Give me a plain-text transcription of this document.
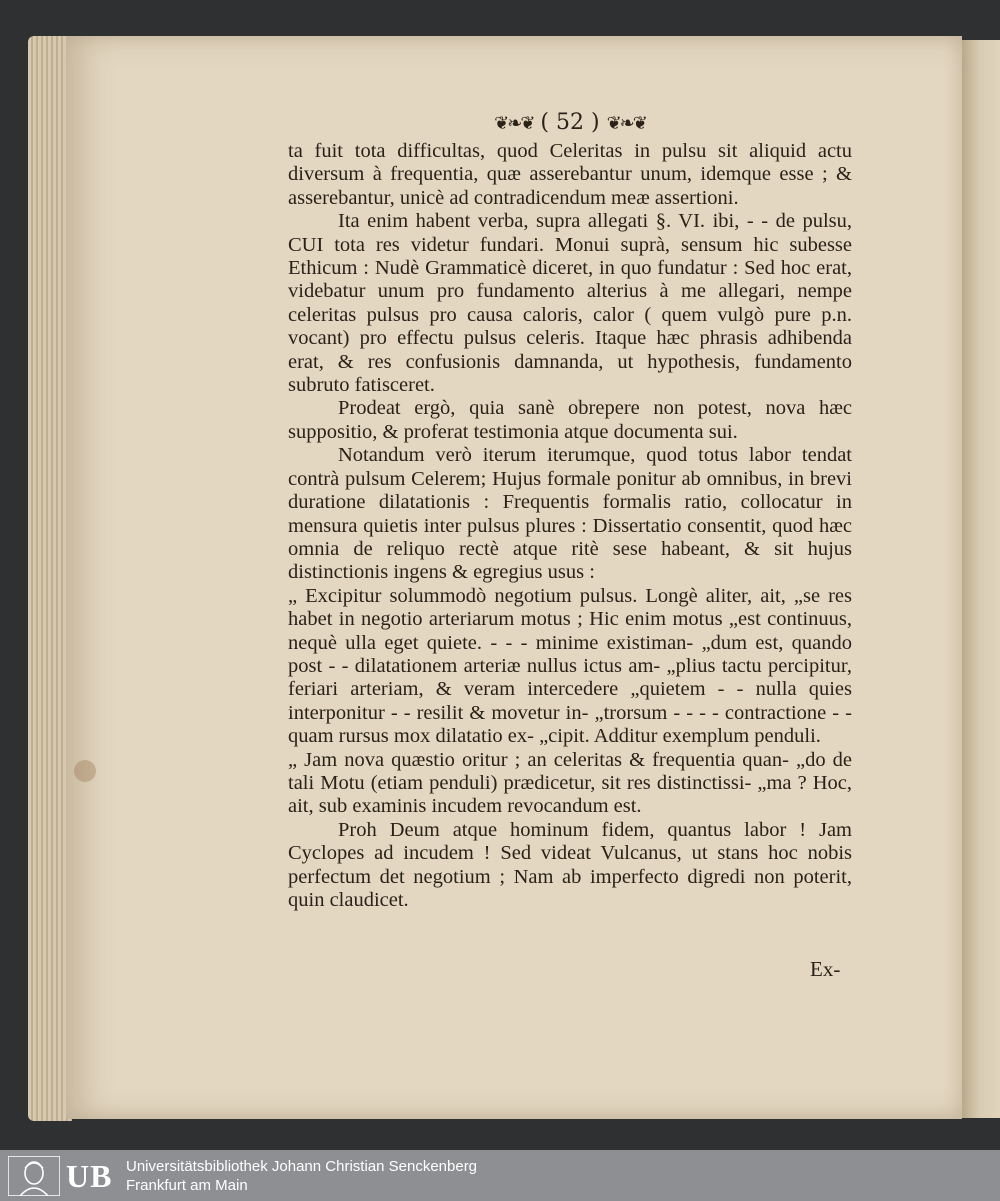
❦❧❦ ( 52 ) ❦❧❦

ta fuit tota difficultas, quod Celeritas in pulsu sit aliquid actu diversum à frequentia, quæ asserebantur unum, idemque esse ; & asserebantur, unicè ad contradicendum meæ assertioni.

Ita enim habent verba, supra allegati §. VI. ibi, - - de pulsu, CUI tota res videtur fundari. Monui suprà, sensum hic subesse Ethicum : Nudè Grammaticè diceret, in quo fundatur : Sed hoc erat, videbatur unum pro fundamento alterius à me allegari, nempe celeritas pulsus pro causa caloris, calor ( quem vulgò pure p.n. vocant) pro effectu pulsus celeris. Itaque hæc phrasis adhibenda erat, & res confusionis damnanda, ut hypothesis, fundamento subruto fatisceret.

Prodeat ergò, quia sanè obrepere non potest, nova hæc suppositio, & proferat testimonia atque documenta sui.

Notandum verò iterum iterumque, quod totus labor tendat contrà pulsum Celerem; Hujus formale ponitur ab omnibus, in brevi duratione dilatationis : Frequentis formalis ratio, collocatur in mensura quietis inter pulsus plures : Dissertatio consentit, quod hæc omnia de reliquo rectè atque ritè sese habeant, & sit hujus distinctionis ingens & egregius usus :

„ Excipitur solummodò negotium pulsus. Longè aliter, ait, „se res habet in negotio arteriarum motus ; Hic enim motus „est continuus, nequè ulla eget quiete. - - - minime existiman- „dum est, quando post - - dilatationem arteriæ nullus ictus am- „plius tactu percipitur, feriari arteriam, & veram intercedere „quietem - - nulla quies interponitur - - resilit & movetur in- „trorsum - - - - contractione - - quam rursus mox dilatatio ex- „cipit. Additur exemplum penduli.

„ Jam nova quæstio oritur ; an celeritas & frequentia quan- „do de tali Motu (etiam penduli) prædicetur, sit res distinctissi- „ma ? Hoc, ait, sub examinis incudem revocandum est.

Proh Deum atque hominum fidem, quantus labor ! Jam Cyclopes ad incudem ! Sed videat Vulcanus, ut stans hoc nobis perfectum det negotium ; Nam ab imperfecto digredi non poterit, quin claudicet.

Ex-
UB Universitätsbibliothek Johann Christian Senckenberg
Frankfurt am Main
